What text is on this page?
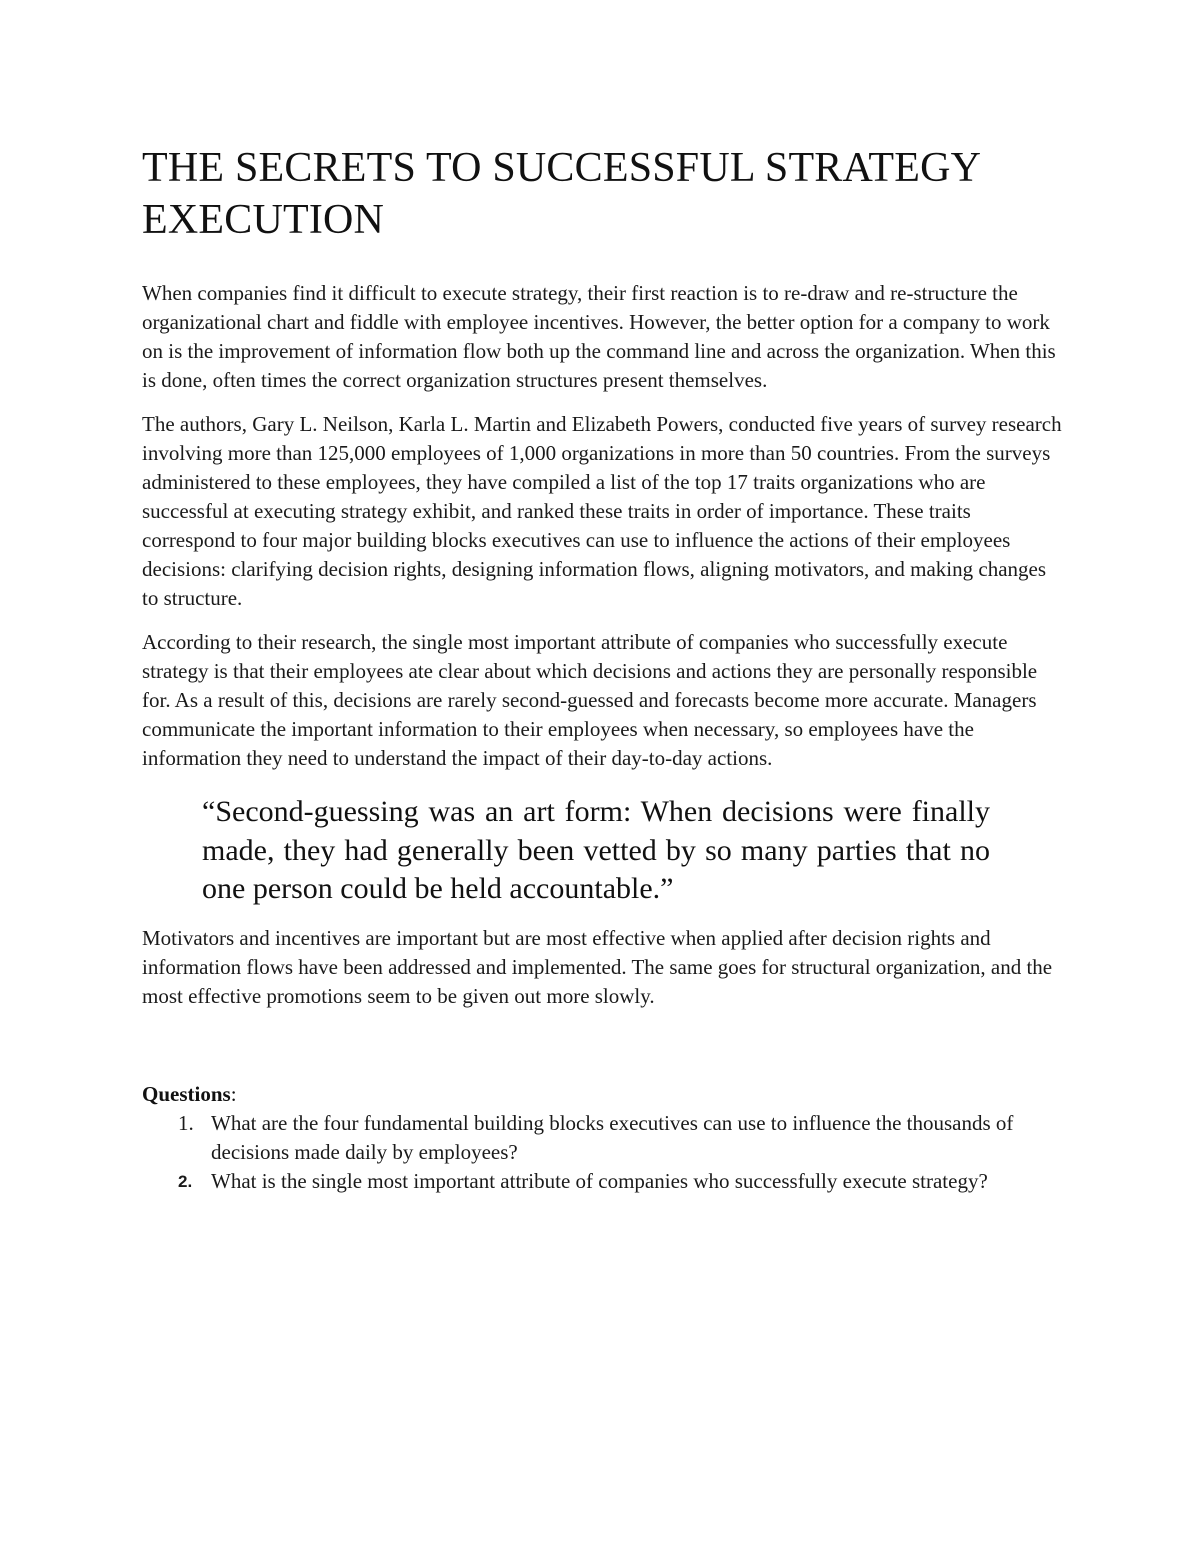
THE SECRETS TO SUCCESSFUL STRATEGY EXECUTION

When companies find it difficult to execute strategy, their first reaction is to re-draw and re-structure the organizational chart and fiddle with employee incentives. However, the better option for a company to work on is the improvement of information flow both up the command line and across the organization. When this is done, often times the correct organization structures present themselves.

The authors, Gary L. Neilson, Karla L. Martin and Elizabeth Powers, conducted five years of survey research involving more than 125,000 employees of 1,000 organizations in more than 50 countries. From the surveys administered to these employees, they have compiled a list of the top 17 traits organizations who are successful at executing strategy exhibit, and ranked these traits in order of importance. These traits correspond to four major building blocks executives can use to influence the actions of their employees decisions: clarifying decision rights, designing information flows, aligning motivators, and making changes to structure.

According to their research, the single most important attribute of companies who successfully execute strategy is that their employees ate clear about which decisions and actions they are personally responsible for. As a result of this, decisions are rarely second-guessed and forecasts become more accurate. Managers communicate the important information to their employees when necessary, so employees have the information they need to understand the impact of their day-to-day actions.

“Second-guessing was an art form: When decisions were finally made, they had generally been vetted by so many parties that no one person could be held accountable.”

Motivators and incentives are important but are most effective when applied after decision rights and information flows have been addressed and implemented. The same goes for structural organization, and the most effective promotions seem to be given out more slowly.

Questions:
1. What are the four fundamental building blocks executives can use to influence the thousands of decisions made daily by employees?
2. What is the single most important attribute of companies who successfully execute strategy?
